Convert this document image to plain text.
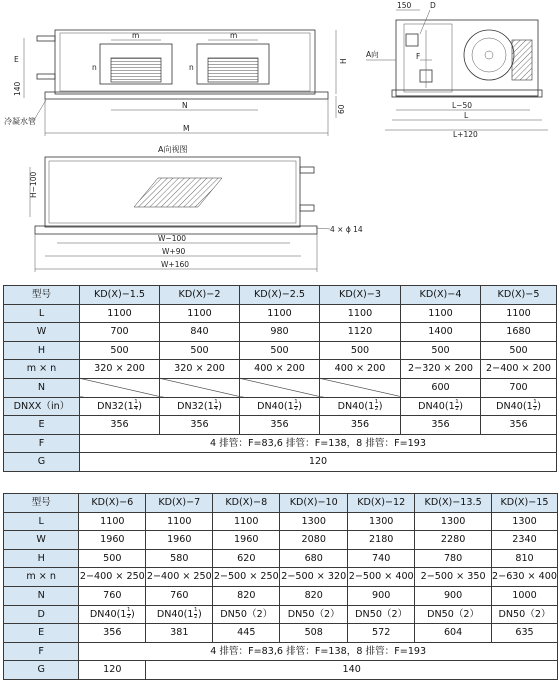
m	m
n	n
E
140
H
60
N
M
冷凝水管
150 D
F
A向
L−50
L
L+120
A向视图
H−100
W−100
W+90
W+160
4 × ϕ 14
型号	KD(X)−1.5	KD(X)−2	KD(X)−2.5	KD(X)−3	KD(X)−4	KD(X)−5
L	1100	1100	1100	1100	1100	1100
W	700	840	980	1120	1400	1680
H	500	500	500	500	500	500
m × n	320 × 200	320 × 200	400 × 200	400 × 200	2−320 × 200	2−400 × 200
N					600	700
DNXX（in）	$DN32(1 \frac{1}{4}$ )	$DN32(1 \frac{1}{4}$ )	$DN40(1 \frac{1}{2}$ )	$DN40(1 \frac{1}{2}$ )	$DN40(1 \frac{1}{2}$ )	$DN40(1 \frac{1}{2}$ )
E	356	356	356	356	356	356
F	4 排管：F=83,6 排管：F=138，8 排管：F=193					
G	120					
型号	KD(X)−6	KD(X)−7	KD(X)−8	KD(X)−10	KD(X)−12	KD(X)−13.5	KD(X)−15
L	1100	1100	1100	1300	1300	1300	1300
W	1960	1960	1960	2080	2180	2280	2340
H	500	580	620	680	740	780	810
m × n	2−400 × 250	2−400 × 250	2−500 × 250	2−500 × 320	2−500 × 400	2−500 × 350	2−630 × 400
N	760	760	820	820	900	900	1000
D	$DN40(1 \frac{1}{2}$ )	$DN40(1 \frac{1}{2}$ )	DN50（2）	DN50（2）	DN50（2）	DN50（2）	DN50（2）
E	356	381	445	508	572	604	635
F	4 排管：F=83,6 排管：F=138，8 排管：F=193						
G	120	140					
